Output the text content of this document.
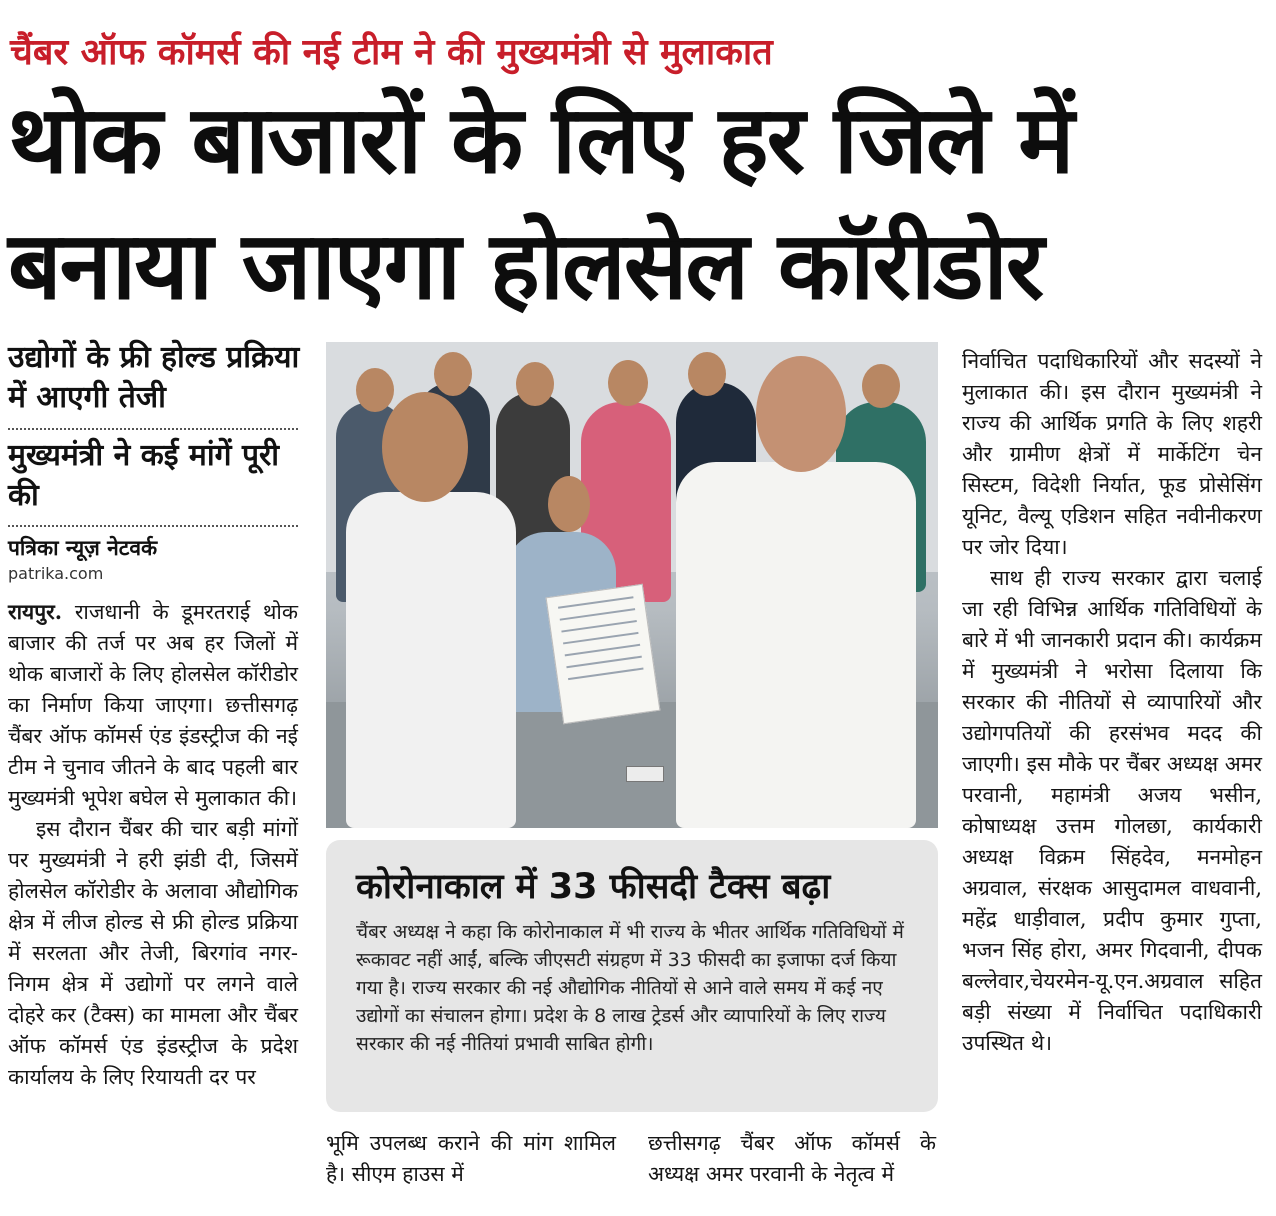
चैंबर ऑफ कॉमर्स की नई टीम ने की मुख्यमंत्री से मुलाकात
थोक बाजारों के लिए हर जिले में
बनाया जाएगा होलसेल कॉरीडोर
उद्योगों के फ्री होल्ड प्रक्रिया में आएगी तेजी
मुख्यमंत्री ने कई मांगें पूरी की
पत्रिका न्यूज़ नेटवर्क
patrika.com

रायपुर. राजधानी के डूमरतराई थोक बाजार की तर्ज पर अब हर जिलों में थोक बाजारों के लिए होलसेल कॉरीडोर का निर्माण किया जाएगा। छत्तीसगढ़ चैंबर ऑफ कॉमर्स एंड इंडस्ट्रीज की नई टीम ने चुनाव जीतने के बाद पहली बार मुख्यमंत्री भूपेश बघेल से मुलाकात की।

इस दौरान चैंबर की चार बड़ी मांगों पर मुख्यमंत्री ने हरी झंडी दी, जिसमें होलसेल कॉरोडीर के अलावा औद्योगिक क्षेत्र में लीज होल्ड से फ्री होल्ड प्रक्रिया में सरलता और तेजी, बिरगांव नगर-निगम क्षेत्र में उद्योगों पर लगने वाले दोहरे कर (टैक्स) का मामला और चैंबर ऑफ कॉमर्स एंड इंडस्ट्रीज के प्रदेश कार्यालय के लिए रियायती दर पर

कोरोनाकाल में 33 फीसदी टैक्स बढ़ा
चैंबर अध्यक्ष ने कहा कि कोरोनाकाल में भी राज्य के भीतर आर्थिक गतिविधियों में रूकावट नहीं आईं, बल्कि जीएसटी संग्रहण में 33 फीसदी का इजाफा दर्ज किया गया है। राज्य सरकार की नई औद्योगिक नीतियों से आने वाले समय में कई नए उद्योगों का संचालन होगा। प्रदेश के 8 लाख ट्रेडर्स और व्यापारियों के लिए राज्य सरकार की नई नीतियां प्रभावी साबित होगी।

भूमि उपलब्ध कराने की मांग शामिल है। सीएम हाउस में

छत्तीसगढ़ चैंबर ऑफ कॉमर्स के अध्यक्ष अमर परवानी के नेतृत्व में

निर्वाचित पदाधिकारियों और सदस्यों ने मुलाकात की। इस दौरान मुख्यमंत्री ने राज्य की आर्थिक प्रगति के लिए शहरी और ग्रामीण क्षेत्रों में मार्केटिंग चेन सिस्टम, विदेशी निर्यात, फूड प्रोसेसिंग यूनिट, वैल्यू एडिशन सहित नवीनीकरण पर जोर दिया।

साथ ही राज्य सरकार द्वारा चलाई जा रही विभिन्न आर्थिक गतिविधियों के बारे में भी जानकारी प्रदान की। कार्यक्रम में मुख्यमंत्री ने भरोसा दिलाया कि सरकार की नीतियों से व्यापारियों और उद्योगपतियों की हरसंभव मदद की जाएगी। इस मौके पर चैंबर अध्यक्ष अमर परवानी, महामंत्री अजय भसीन, कोषाध्यक्ष उत्तम गोलछा, कार्यकारी अध्यक्ष विक्रम सिंहदेव, मनमोहन अग्रवाल, संरक्षक आसुदामल वाधवानी, महेंद्र धाड़ीवाल, प्रदीप कुमार गुप्ता, भजन सिंह होरा, अमर गिदवानी, दीपक बल्लेवार,चेयरमेन-यू.एन.अग्रवाल सहित बड़ी संख्या में निर्वाचित पदाधिकारी उपस्थित थे।
